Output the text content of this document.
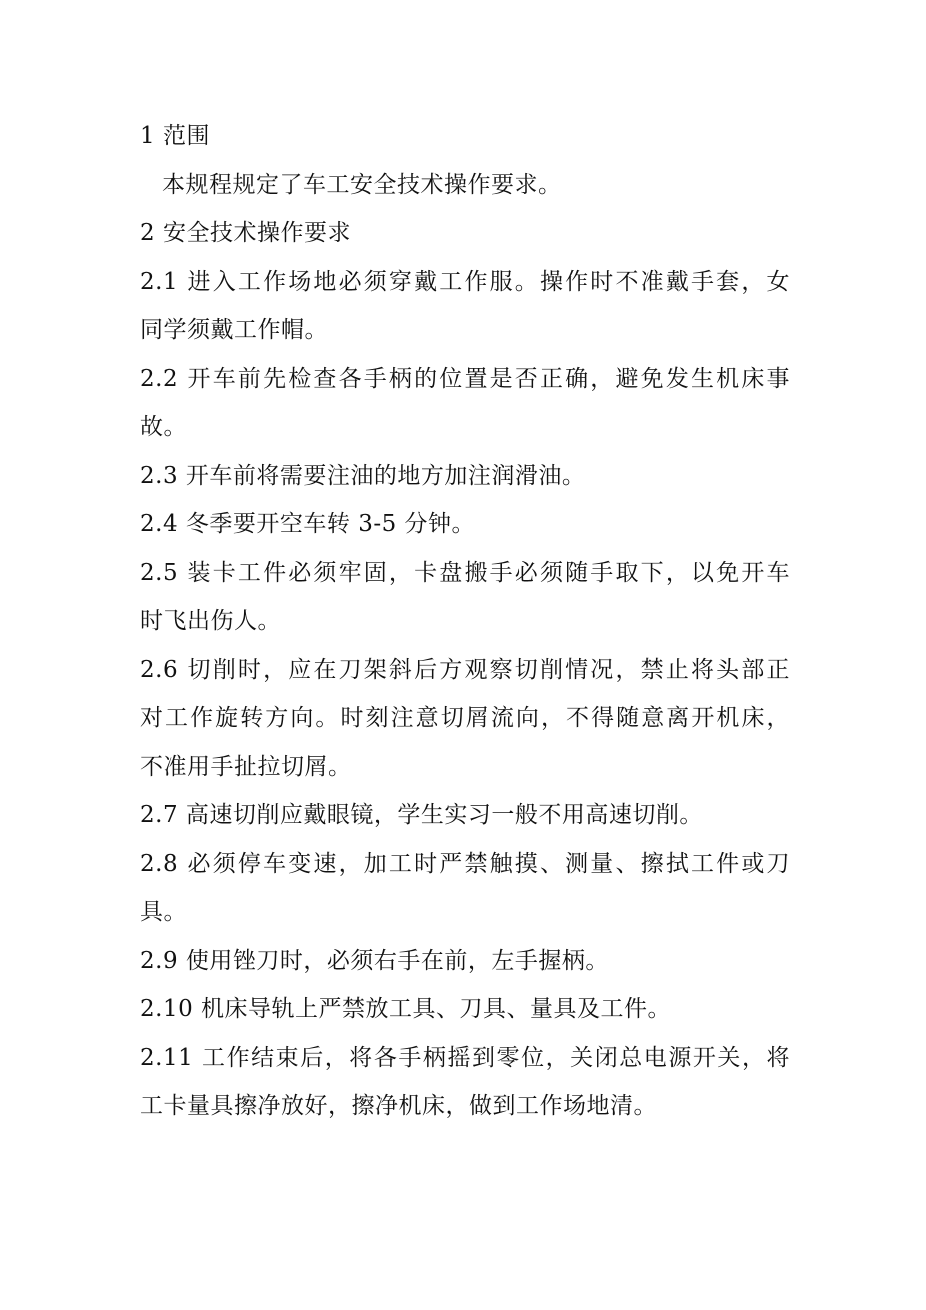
1 范围
本规程规定了车工安全技术操作要求。
2 安全技术操作要求
2.1 进入工作场地必须穿戴工作服。操作时不准戴手套，女
同学须戴工作帽。
2.2 开车前先检查各手柄的位置是否正确，避免发生机床事
故。
2.3 开车前将需要注油的地方加注润滑油。
2.4 冬季要开空车转 3-5 分钟。
2.5 装卡工件必须牢固，卡盘搬手必须随手取下，以免开车
时飞出伤人。
2.6 切削时，应在刀架斜后方观察切削情况，禁止将头部正
对工作旋转方向。时刻注意切屑流向，不得随意离开机床，
不准用手扯拉切屑。
2.7 高速切削应戴眼镜，学生实习一般不用高速切削。
2.8 必须停车变速，加工时严禁触摸、测量、擦拭工件或刀
具。
2.9 使用锉刀时，必须右手在前，左手握柄。
2.10 机床导轨上严禁放工具、刀具、量具及工件。
2.11 工作结束后，将各手柄摇到零位，关闭总电源开关，将
工卡量具擦净放好，擦净机床，做到工作场地清。
